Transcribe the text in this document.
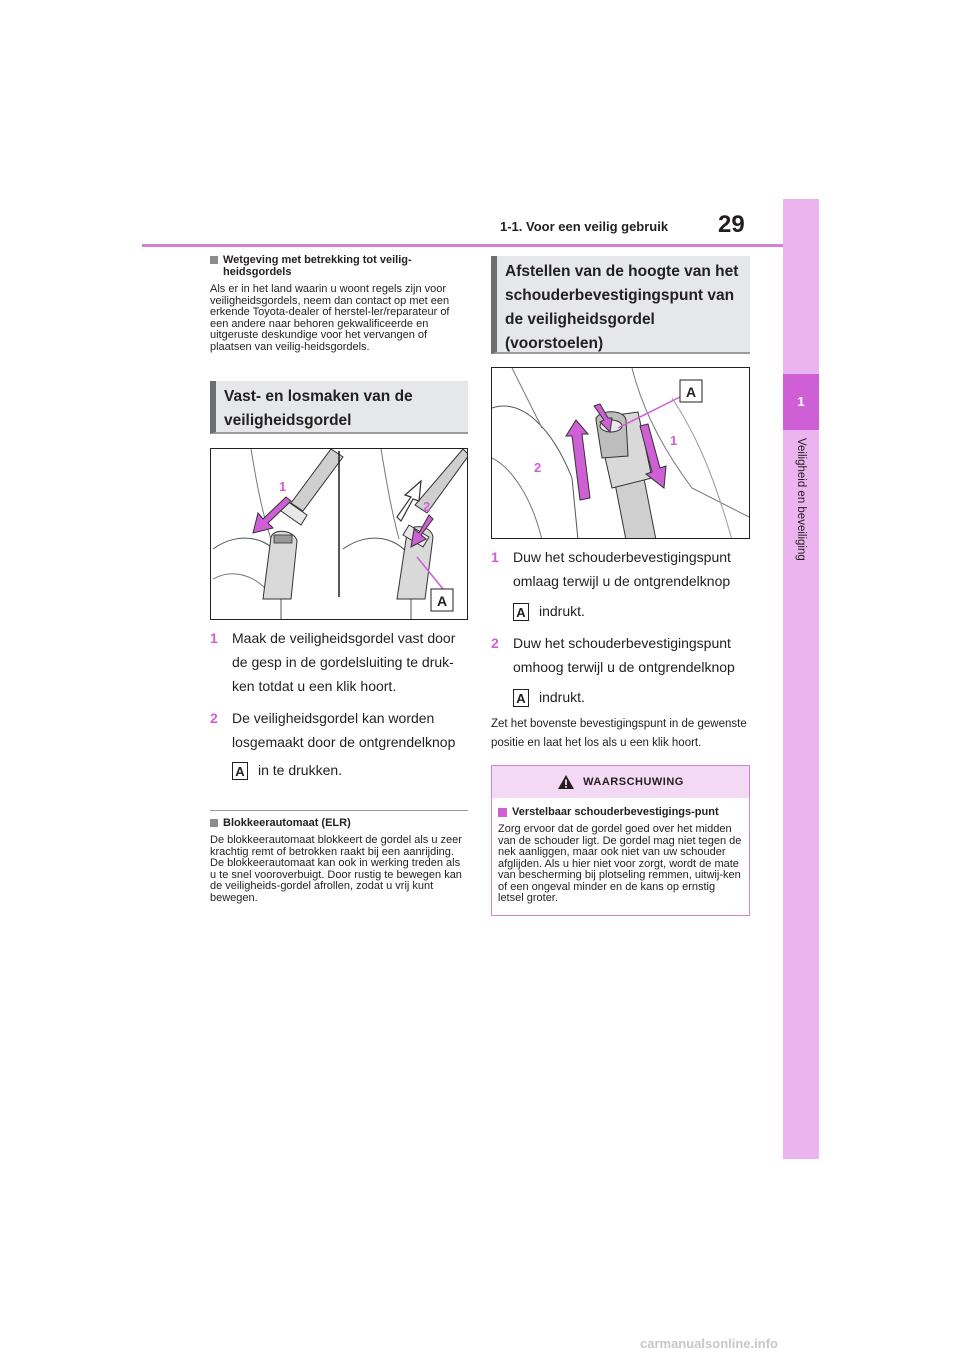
1-1. Voor een veilig gebruik 29
1
Veiligheid en beveiliging
Wetgeving met betrekking tot veilig-heidsgordels
Als er in het land waarin u woont regels zijn voor veiligheidsgordels, neem dan contact op met een erkende Toyota-dealer of herstel-ler/reparateur of een andere naar behoren gekwalificeerde en uitgeruste deskundige voor het vervangen of plaatsen van veilig-heidsgordels.
Vast- en losmaken van de veiligheidsgordel
1
2
A
1	Maak de veiligheidsgordel vast door de gesp in de gordelsluiting te druk-ken totdat u een klik hoort.
2	De veiligheidsgordel kan worden losgemaakt door de ontgrendelknop
A in te drukken.
Blokkeerautomaat (ELR)
De blokkeerautomaat blokkeert de gordel als u zeer krachtig remt of betrokken raakt bij een aanrijding. De blokkeerautomaat kan ook in werking treden als u te snel vooroverbuigt. Door rustig te bewegen kan de veiligheids-gordel afrollen, zodat u vrij kunt bewegen.
Afstellen van de hoogte van het schouderbevestigingspunt van de veiligheidsgordel (voorstoelen)
1
2
A
1	Duw het schouderbevestigingspunt omlaag terwijl u de ontgrendelknop
A indrukt.
2	Duw het schouderbevestigingspunt omhoog terwijl u de ontgrendelknop
A indrukt.
Zet het bovenste bevestigingspunt in de gewenste positie en laat het los als u een klik hoort.
WAARSCHUWING
Verstelbaar schouderbevestigings-punt
Zorg ervoor dat de gordel goed over het midden van de schouder ligt. De gordel mag niet tegen de nek aanliggen, maar ook niet van uw schouder afglijden. Als u hier niet voor zorgt, wordt de mate van bescherming bij plotseling remmen, uitwij-ken of een ongeval minder en de kans op ernstig letsel groter.
carmanualsonline.info
